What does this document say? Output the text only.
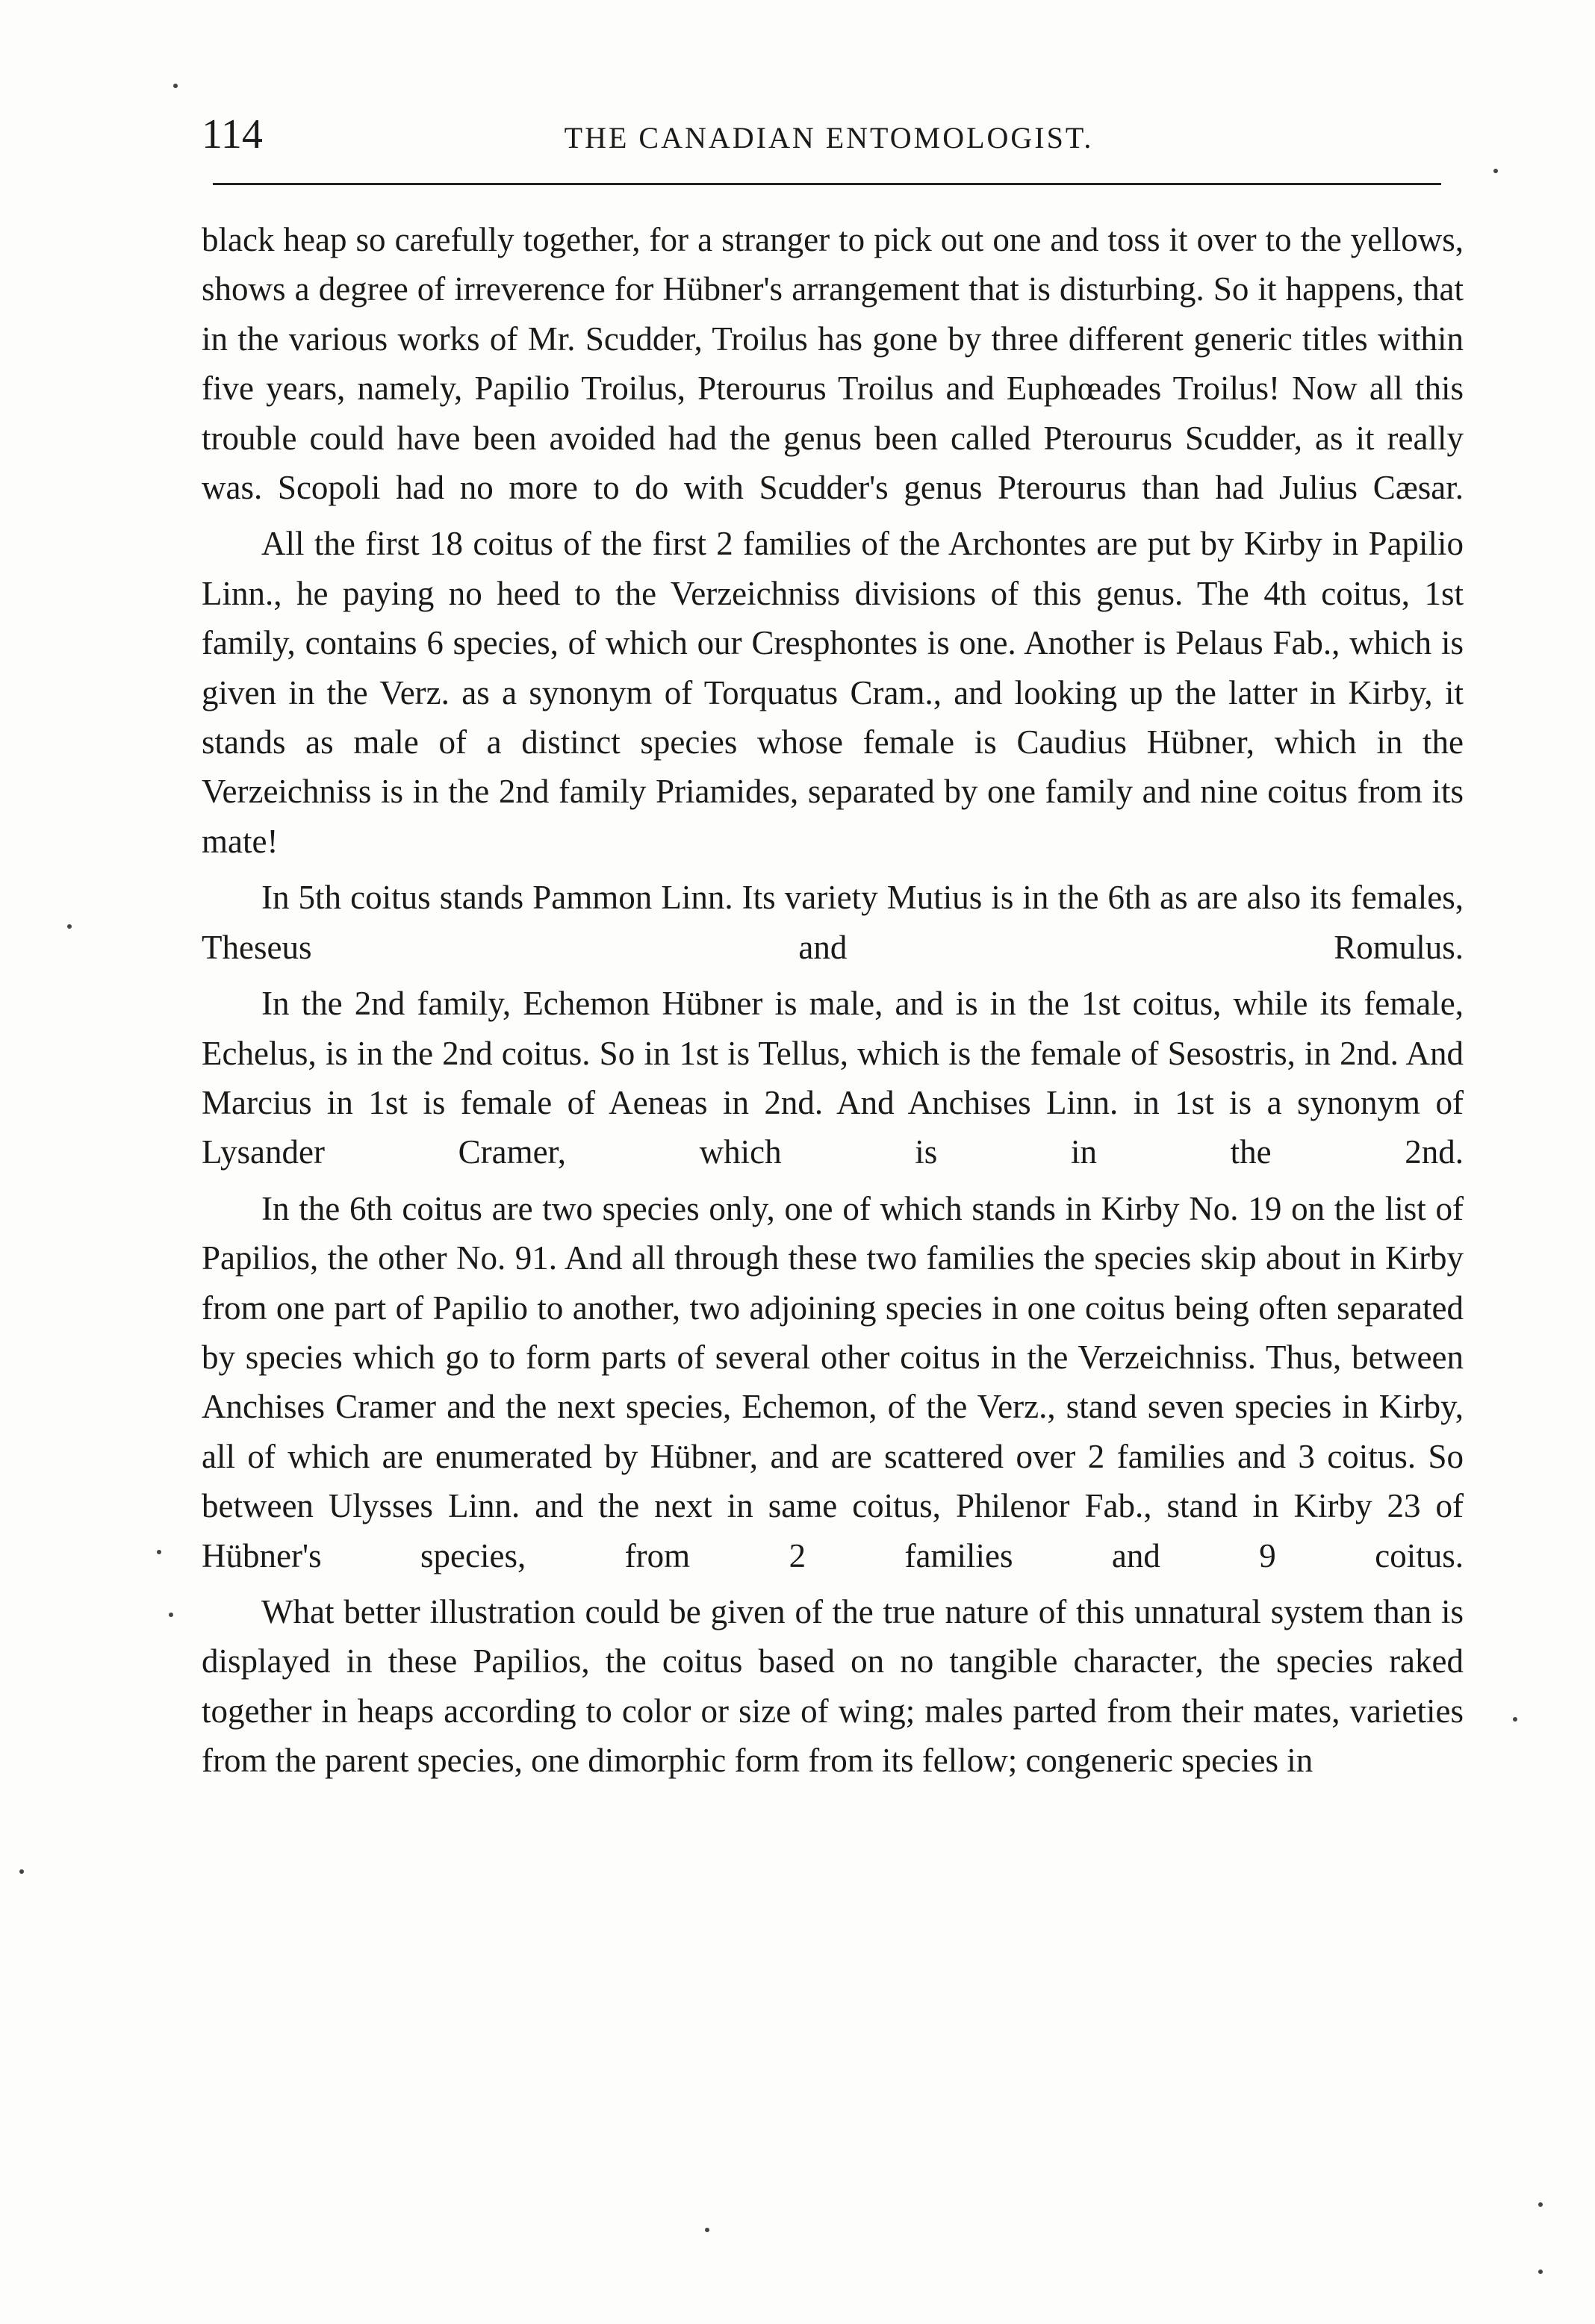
114	THE CANADIAN ENTOMOLOGIST.

black heap so carefully together, for a stranger to pick out one and toss it over to the yellows, shows a degree of irreverence for Hübner's arrangement that is disturbing. So it happens, that in the various works of Mr. Scudder, Troilus has gone by three different generic titles within five years, namely, Papilio Troilus, Pterourus Troilus and Euphœades Troilus! Now all this trouble could have been avoided had the genus been called Pterourus Scudder, as it really was. Scopoli had no more to do with Scudder's genus Pterourus than had Julius Cæsar.

All the first 18 coitus of the first 2 families of the Archontes are put by Kirby in Papilio Linn., he paying no heed to the Verzeichniss divisions of this genus. The 4th coitus, 1st family, contains 6 species, of which our Cresphontes is one. Another is Pelaus Fab., which is given in the Verz. as a synonym of Torquatus Cram., and looking up the latter in Kirby, it stands as male of a distinct species whose female is Caudius Hübner, which in the Verzeichniss is in the 2nd family Priamides, separated by one family and nine coitus from its mate!

In 5th coitus stands Pammon Linn. Its variety Mutius is in the 6th as are also its females, Theseus and Romulus.

In the 2nd family, Echemon Hübner is male, and is in the 1st coitus, while its female, Echelus, is in the 2nd coitus. So in 1st is Tellus, which is the female of Sesostris, in 2nd. And Marcius in 1st is female of Aeneas in 2nd. And Anchises Linn. in 1st is a synonym of Lysander Cramer, which is in the 2nd.

In the 6th coitus are two species only, one of which stands in Kirby No. 19 on the list of Papilios, the other No. 91. And all through these two families the species skip about in Kirby from one part of Papilio to another, two adjoining species in one coitus being often separated by species which go to form parts of several other coitus in the Verzeichniss. Thus, between Anchises Cramer and the next species, Echemon, of the Verz., stand seven species in Kirby, all of which are enumerated by Hübner, and are scattered over 2 families and 3 coitus. So between Ulysses Linn. and the next in same coitus, Philenor Fab., stand in Kirby 23 of Hübner's species, from 2 families and 9 coitus.

What better illustration could be given of the true nature of this unnatural system than is displayed in these Papilios, the coitus based on no tangible character, the species raked together in heaps according to color or size of wing; males parted from their mates, varieties from the parent species, one dimorphic form from its fellow; congeneric species in
